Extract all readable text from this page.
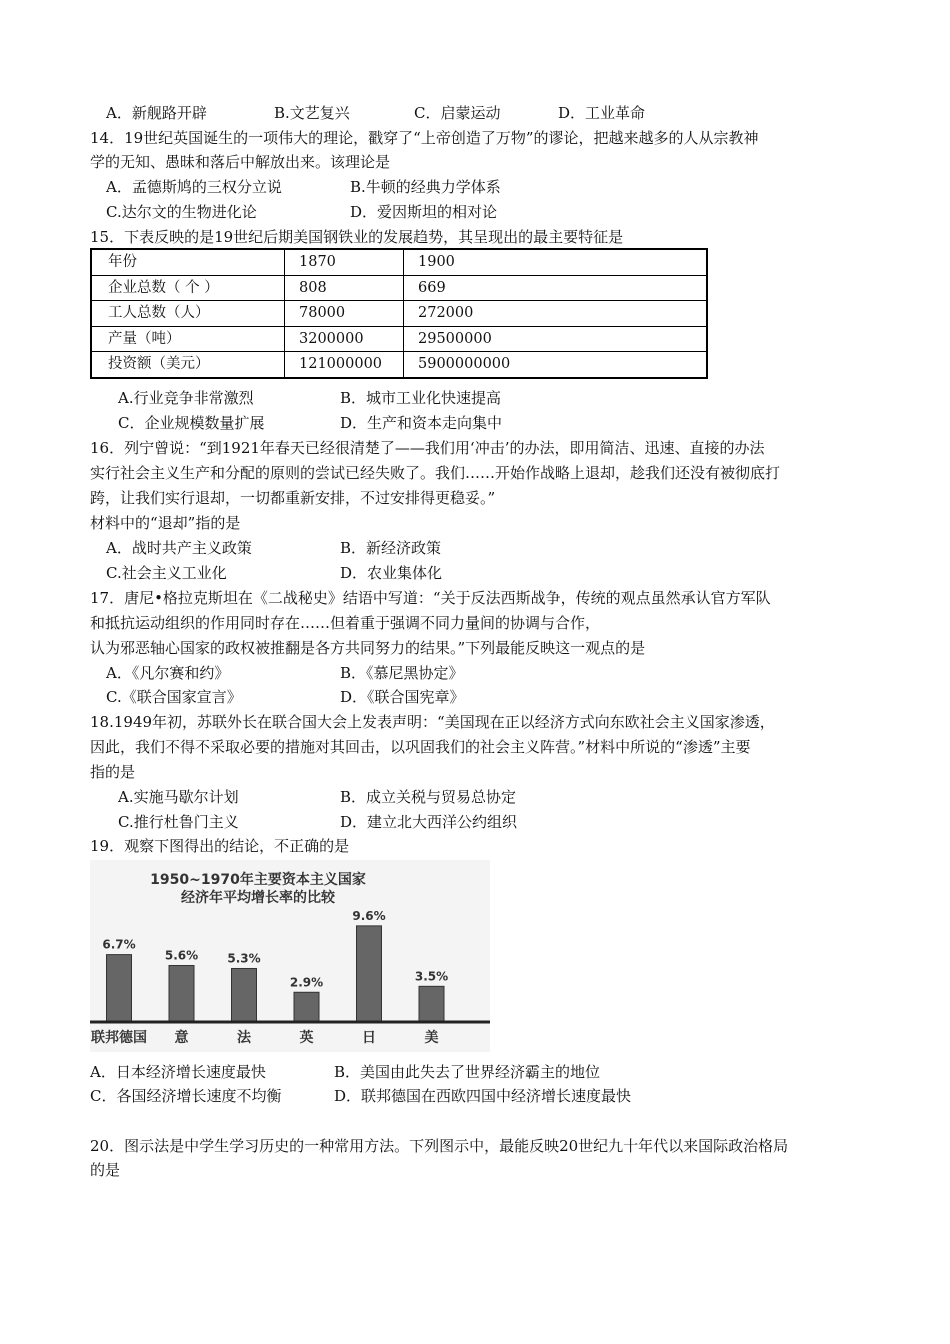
A．新舰路开辟	B.文艺复兴	C．启蒙运动	D．工业革命
14．19世纪英国诞生的一项伟大的理论，戳穿了“上帝创造了万物”的谬论，把越来越多的人从宗教神
学的无知、愚昧和落后中解放出来。该理论是
A．孟德斯鸠的三权分立说	B.牛顿的经典力学体系
C.达尔文的生物进化论	D．爱因斯坦的相对论
15．下表反映的是19世纪后期美国钢铁业的发展趋势，其呈现出的最主要特征是
年份	1870	1900
企业总数（ 个 ）	808	669
工人总数（人）	78000	272000
产量（吨）	3200000	29500000
投资额（美元）	121000000	5900000000
A.行业竞争非常激烈	B．城市工业化快速提高
C．企业规模数量扩展	D．生产和资本走向集中
16．列宁曾说：“到1921年春天已经很清楚了——我们用‘冲击’的办法，即用简洁、迅速、直接的办法
实行社会主义生产和分配的原则的尝试已经失败了。我们……开始作战略上退却，趁我们还没有被彻底打
跨，让我们实行退却，一切都重新安排，不过安排得更稳妥。”
材料中的“退却”指的是
A．战时共产主义政策	B．新经济政策
C.社会主义工业化	D．农业集体化
17．唐尼•格拉克斯坦在《二战秘史》结语中写道：“关于反法西斯战争，传统的观点虽然承认官方军队
和抵抗运动组织的作用同时存在……但着重于强调不同力量间的协调与合作，
认为邪恶轴心国家的政权被推翻是各方共同努力的结果。”下列最能反映这一观点的是
A．《凡尔赛和约》	B．《慕尼黑协定》
C.《联合国家宣言》	D．《联合国宪章》
18.1949年初，苏联外长在联合国大会上发表声明：“美国现在正以经济方式向东欧社会主义国家渗透，
因此，我们不得不采取必要的措施对其回击，以巩固我们的社会主义阵营。”材料中所说的“渗透”主要
指的是
A.实施马歇尔计划	B．成立关税与贸易总协定
C.推行杜鲁门主义	D．建立北大西洋公约组织
19．观察下图得出的结论，不正确的是
1950~1970年主要资本主义国家
经济年平均增长率的比较
6.7%
5.6% 5.3%
2.9%
9.6%
3.5%
联邦德国 意	法	英	日	美
A．日本经济增长速度最快	B．美国由此失去了世界经济霸主的地位
C．各国经济增长速度不均衡	D．联邦德国在西欧四国中经济增长速度最快
20．图示法是中学生学习历史的一种常用方法。下列图示中，最能反映20世纪九十年代以来国际政治格局
的是
